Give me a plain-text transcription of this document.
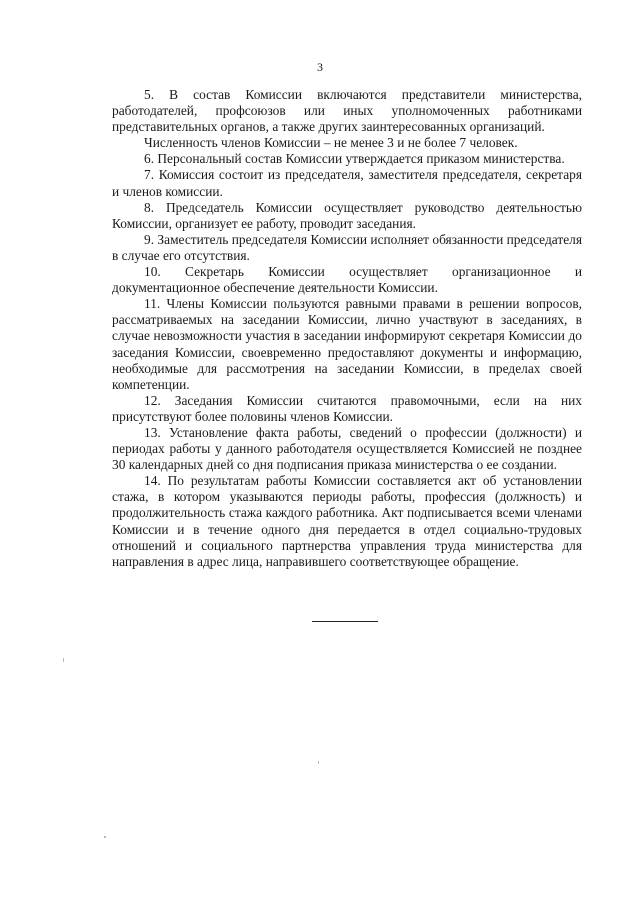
3

5. В состав Комиссии включаются представители министерства, работодателей, профсоюзов или иных уполномоченных работниками представительных органов, а также других заинтересованных организаций.

Численность членов Комиссии – не менее 3 и не более 7 человек.

6. Персональный состав Комиссии утверждается приказом министерства.

7. Комиссия состоит из председателя, заместителя председателя, секретаря и членов комиссии.

8. Председатель Комиссии осуществляет руководство деятельностью Комиссии, организует ее работу, проводит заседания.

9. Заместитель председателя Комиссии исполняет обязанности председателя в случае его отсутствия.

10. Секретарь Комиссии осуществляет организационное и документационное обеспечение деятельности Комиссии.

11. Члены Комиссии пользуются равными правами в решении вопросов, рассматриваемых на заседании Комиссии, лично участвуют в заседаниях, в случае невозможности участия в заседании информируют секретаря Комиссии до заседания Комиссии, своевременно предоставляют документы и информацию, необходимые для рассмотрения на заседании Комиссии, в пределах своей компетенции.

12. Заседания Комиссии считаются правомочными, если на них присутствуют более половины членов Комиссии.

13. Установление факта работы, сведений о профессии (должности) и периодах работы у данного работодателя осуществляется Комиссией не позднее 30 календарных дней со дня подписания приказа министерства о ее создании.

14. По результатам работы Комиссии составляется акт об установлении стажа, в котором указываются периоды работы, профессия (должность) и продолжительность стажа каждого работника. Акт подписывается всеми членами Комиссии и в течение одного дня передается в отдел социально-трудовых отношений и социального партнерства управления труда министерства для направления в адрес лица, направившего соответствующее обращение.
